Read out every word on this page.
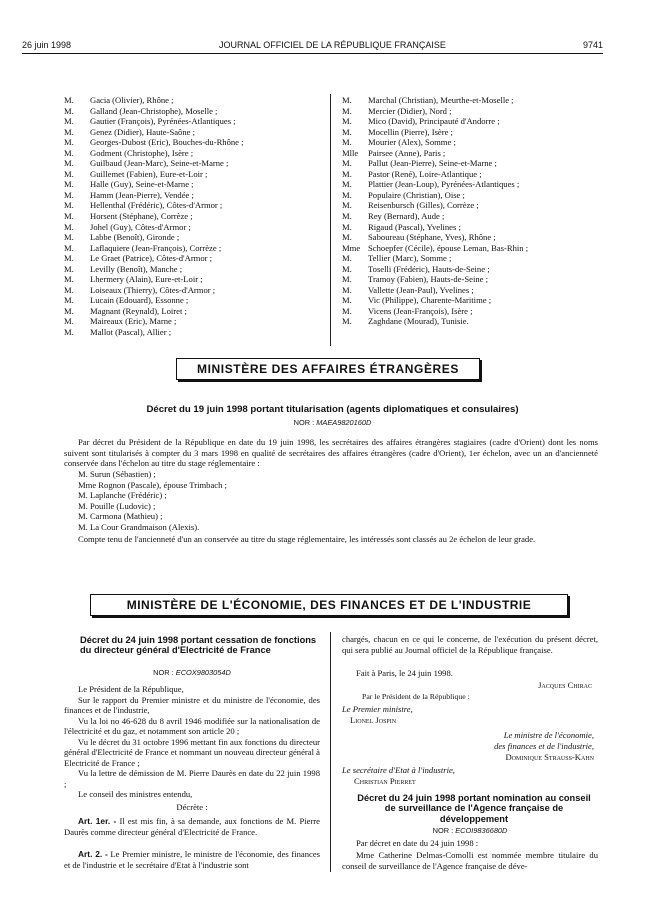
26 juin 1998	JOURNAL OFFICIEL DE LA RÉPUBLIQUE FRANÇAISE	9741
M. Gacia (Olivier), Rhône ;
M. Galland (Jean-Christophe), Moselle ;
M. Gautier (François), Pyrénées-Atlantiques ;
M. Genez (Didier), Haute-Saône ;
M. Georges-Dubost (Eric), Bouches-du-Rhône ;
M. Godment (Christophe), Isère ;
M. Guilbaud (Jean-Marc), Seine-et-Marne ;
M. Guillemet (Fabien), Eure-et-Loir ;
M. Halle (Guy), Seine-et-Marne ;
M. Hamm (Jean-Pierre), Vendée ;
M. Hellenthal (Frédéric), Côtes-d'Armor ;
M. Horsent (Stéphane), Corrèze ;
M. Johel (Guy), Côtes-d'Armor ;
M. Labbe (Benoît), Gironde ;
M. Laflaquiere (Jean-François), Corrèze ;
M. Le Graet (Patrice), Côtes-d'Armor ;
M. Levilly (Benoît), Manche ;
M. Lhermery (Alain), Eure-et-Loir ;
M. Loiseaux (Thierry), Côtes-d'Armor ;
M. Lucain (Edouard), Essonne ;
M. Magnant (Reynald), Loiret ;
M. Maireaux (Eric), Marne ;
M. Mallot (Pascal), Allier ;
M. Marchal (Christian), Meurthe-et-Moselle ;
M. Mercier (Didier), Nord ;
M. Mico (David), Principauté d'Andorre ;
M. Mocellin (Pierre), Isère ;
M. Mourier (Alex), Somme ;
Mlle Pairsee (Anne), Paris ;
M. Pallut (Jean-Pierre), Seine-et-Marne ;
M. Pastor (René), Loire-Atlantique ;
M. Plattier (Jean-Loup), Pyrénées-Atlantiques ;
M. Populaire (Christian), Oise ;
M. Reisenbursch (Gilles), Corrèze ;
M. Rey (Bernard), Aude ;
M. Rigaud (Pascal), Yvelines ;
M. Saboureau (Stéphane, Yves), Rhône ;
Mme Schoepfer (Cécile), épouse Leman, Bas-Rhin ;
M. Tellier (Marc), Somme ;
M. Toselli (Frédéric), Hauts-de-Seine ;
M. Tramoy (Fabien), Hauts-de-Seine ;
M. Vallette (Jean-Paul), Yvelines ;
M. Vic (Philippe), Charente-Maritime ;
M. Vicens (Jean-François), Isère ;
M. Zaghdane (Mourad), Tunisie.
MINISTÈRE DES AFFAIRES ÉTRANGÈRES
Décret du 19 juin 1998 portant titularisation (agents diplomatiques et consulaires)
NOR : MAEA9820160D
Par décret du Président de la République en date du 19 juin 1998, les secrétaires des affaires étrangères stagiaires (cadre d'Orient) dont les noms suivent sont titularisés à compter du 3 mars 1998 en qualité de secrétaires des affaires étrangères (cadre d'Orient), 1er échelon, avec un an d'ancienneté conservée dans l'échelon au titre du stage réglementaire :
M. Surun (Sébastien) ;
Mme Rognon (Pascale), épouse Trimbach ;
M. Laplanche (Frédéric) ;
M. Pouille (Ludovic) ;
M. Carmona (Mathieu) ;
M. La Cour Grandmaison (Alexis).
Compte tenu de l'ancienneté d'un an conservée au titre du stage réglementaire, les intéressés sont classés au 2e échelon de leur grade.
MINISTÈRE DE L'ÉCONOMIE, DES FINANCES ET DE L'INDUSTRIE
Décret du 24 juin 1998 portant cessation de fonctions du directeur général d'Electricité de France
NOR : ECOX9803054D
Le Président de la République,
Sur le rapport du Premier ministre et du ministre de l'économie, des finances et de l'industrie,
Vu la loi no 46-628 du 8 avril 1946 modifiée sur la nationalisation de l'électricité et du gaz, et notamment son article 20 ;
Vu le décret du 31 octobre 1996 mettant fin aux fonctions du directeur général d'Electricité de France et nommant un nouveau directeur général à Electricité de France ;
Vu la lettre de démission de M. Pierre Daurès en date du 22 juin 1998 ;
Le conseil des ministres entendu,
Décrète :
Art. 1er. - Il est mis fin, à sa demande, aux fonctions de M. Pierre Daurès comme directeur général d'Electricité de France.
Art. 2. - Le Premier ministre, le ministre de l'économie, des finances et de l'industrie et le secrétaire d'Etat à l'industrie sont
chargés, chacun en ce qui le concerne, de l'exécution du présent décret, qui sera publié au Journal officiel de la République française.
Fait à Paris, le 24 juin 1998.
Jacques Chirac
Par le Président de la République :
Le Premier ministre,
Lionel Jospin
Le ministre de l'économie,
des finances et de l'industrie,
Dominique Strauss-Kahn
Le secrétaire d'Etat à l'industrie,
Christian Pierret
Décret du 24 juin 1998 portant nomination au conseil de surveillance de l'Agence française de développement
NOR : ECOI9836680D
Par décret en date du 24 juin 1998 :
Mme Catherine Delmas-Comolli est nommée membre titulaire du conseil de surveillance de l'Agence française de déve-
